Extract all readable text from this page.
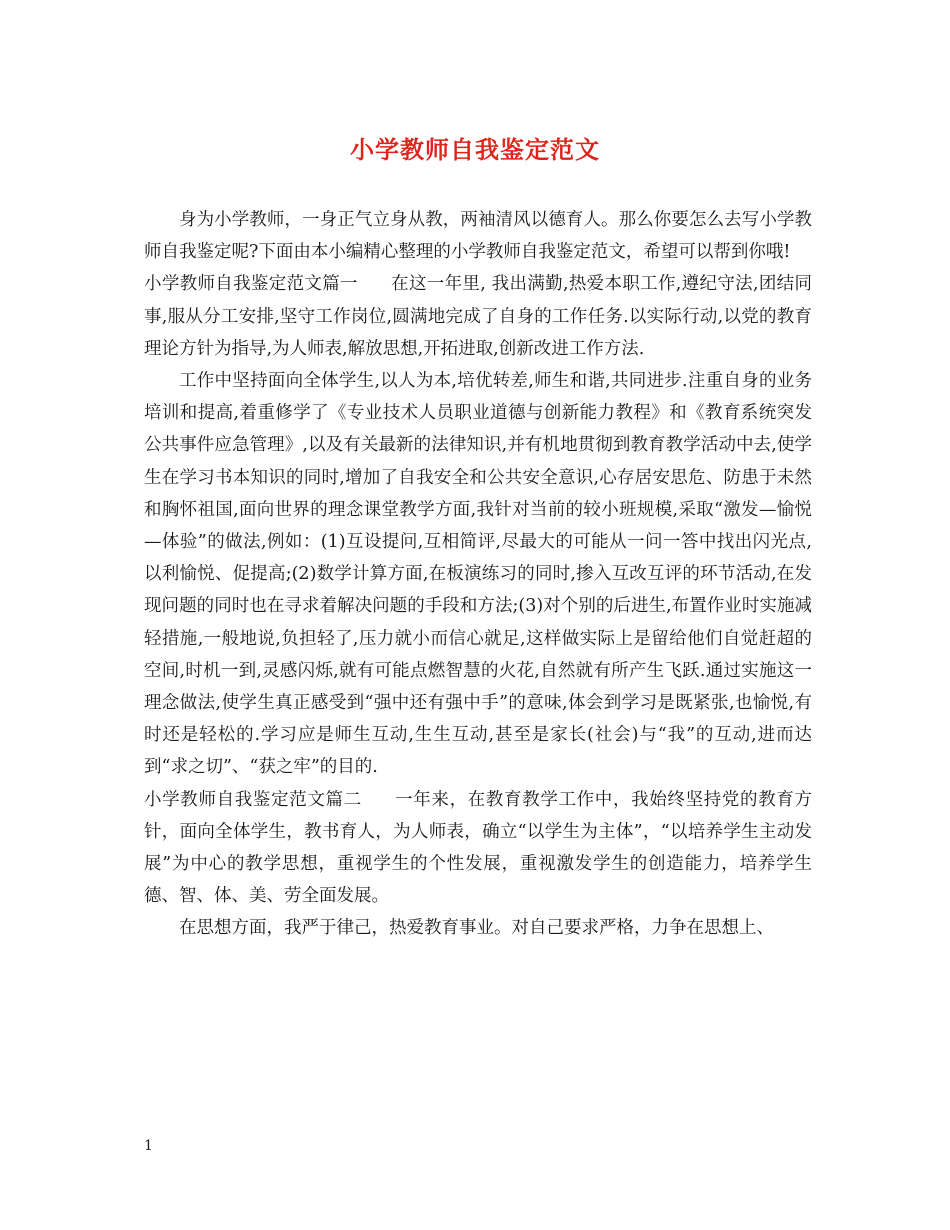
小学教师自我鉴定范文

身为小学教师，一身正气立身从教，两袖清风以德育人。那么你要怎么去写小学教师自我鉴定呢?下面由本小编精心整理的小学教师自我鉴定范文，希望可以帮到你哦!

小学教师自我鉴定范文篇一 在这一年里, 我出满勤,热爱本职工作,遵纪守法,团结同事,服从分工安排,坚守工作岗位,圆满地完成了自身的工作任务.以实际行动,以党的教育理论方针为指导,为人师表,解放思想,开拓进取,创新改进工作方法.

工作中坚持面向全体学生,以人为本,培优转差,师生和谐,共同进步.注重自身的业务培训和提高,着重修学了《专业技术人员职业道德与创新能力教程》和《教育系统突发公共事件应急管理》,以及有关最新的法律知识,并有机地贯彻到教育教学活动中去,使学生在学习书本知识的同时,增加了自我安全和公共安全意识,心存居安思危、防患于未然和胸怀祖国,面向世界的理念课堂教学方面,我针对当前的较小班规模,采取“激发—愉悦—体验”的做法,例如：(1)互设提问,互相简评,尽最大的可能从一问一答中找出闪光点,以利愉悦、促提高;(2)数学计算方面,在板演练习的同时,掺入互改互评的环节活动,在发现问题的同时也在寻求着解决问题的手段和方法;(3)对个别的后进生,布置作业时实施减轻措施,一般地说,负担轻了,压力就小而信心就足,这样做实际上是留给他们自觉赶超的空间,时机一到,灵感闪烁,就有可能点燃智慧的火花,自然就有所产生飞跃.通过实施这一理念做法,使学生真正感受到“强中还有强中手”的意味,体会到学习是既紧张,也愉悦,有时还是轻松的.学习应是师生互动,生生互动,甚至是家长(社会)与“我”的互动,进而达到“求之切”、“获之牢”的目的.

小学教师自我鉴定范文篇二 一年来，在教育教学工作中，我始终坚持党的教育方针，面向全体学生，教书育人，为人师表，确立“以学生为主体”，“以培养学生主动发展”为中心的教学思想，重视学生的个性发展，重视激发学生的创造能力，培养学生德、智、体、美、劳全面发展。

在思想方面，我严于律己，热爱教育事业。对自己要求严格，力争在思想上、

1
